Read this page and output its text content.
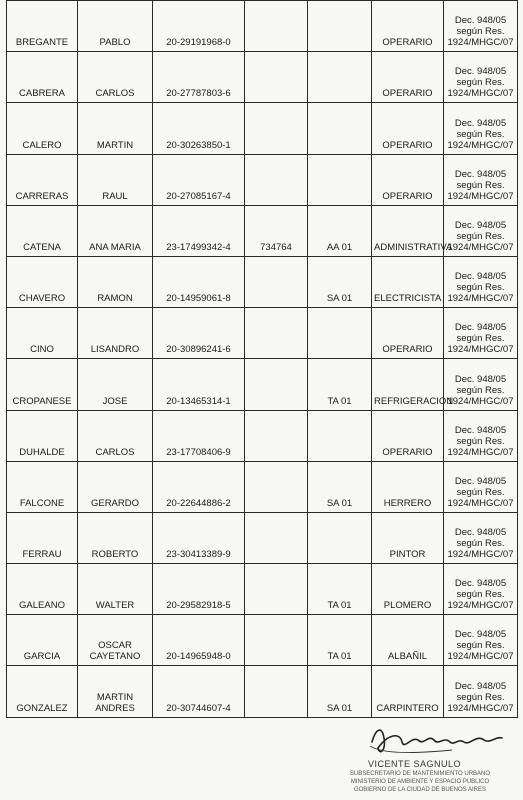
BREGANTE	PABLO	20-29191968-0			OPERARIO	Dec. 948/05 según Res. 1924/MHGC/07
CABRERA	CARLOS	20-27787803-6			OPERARIO	Dec. 948/05 según Res. 1924/MHGC/07
CALERO	MARTIN	20-30263850-1			OPERARIO	Dec. 948/05 según Res. 1924/MHGC/07
CARRERAS	RAUL	20-27085167-4			OPERARIO	Dec. 948/05 según Res. 1924/MHGC/07
CATENA	ANA MARIA	23-17499342-4	734764	AA 01	ADMINISTRATIVA	Dec. 948/05 según Res. 1924/MHGC/07
CHAVERO	RAMON	20-14959061-8		SA 01	ELECTRICISTA	Dec. 948/05 según Res. 1924/MHGC/07
CINO	LISANDRO	20-30896241-6			OPERARIO	Dec. 948/05 según Res. 1924/MHGC/07
CROPANESE	JOSE	20-13465314-1		TA 01	REFRIGERACION	Dec. 948/05 según Res. 1924/MHGC/07
DUHALDE	CARLOS	23-17708406-9			OPERARIO	Dec. 948/05 según Res. 1924/MHGC/07
FALCONE	GERARDO	20-22644886-2		SA 01	HERRERO	Dec. 948/05 según Res. 1924/MHGC/07
FERRAU	ROBERTO	23-30413389-9			PINTOR	Dec. 948/05 según Res. 1924/MHGC/07
GALEANO	WALTER	20-29582918-5		TA 01	PLOMERO	Dec. 948/05 según Res. 1924/MHGC/07
GARCIA	OSCAR CAYETANO	20-14965948-0		TA 01	ALBAÑIL	Dec. 948/05 según Res. 1924/MHGC/07
GONZALEZ	MARTIN ANDRES	20-30744607-4		SA 01	CARPINTERO	Dec. 948/05 según Res. 1924/MHGC/07
VICENTE SAGNULO
SUBSECRETARIO DE MANTENIMIENTO URBANO
MINISTERIO DE AMBIENTE Y ESPACIO PUBLICO
GOBIERNO DE LA CIUDAD DE BUENOS AIRES
